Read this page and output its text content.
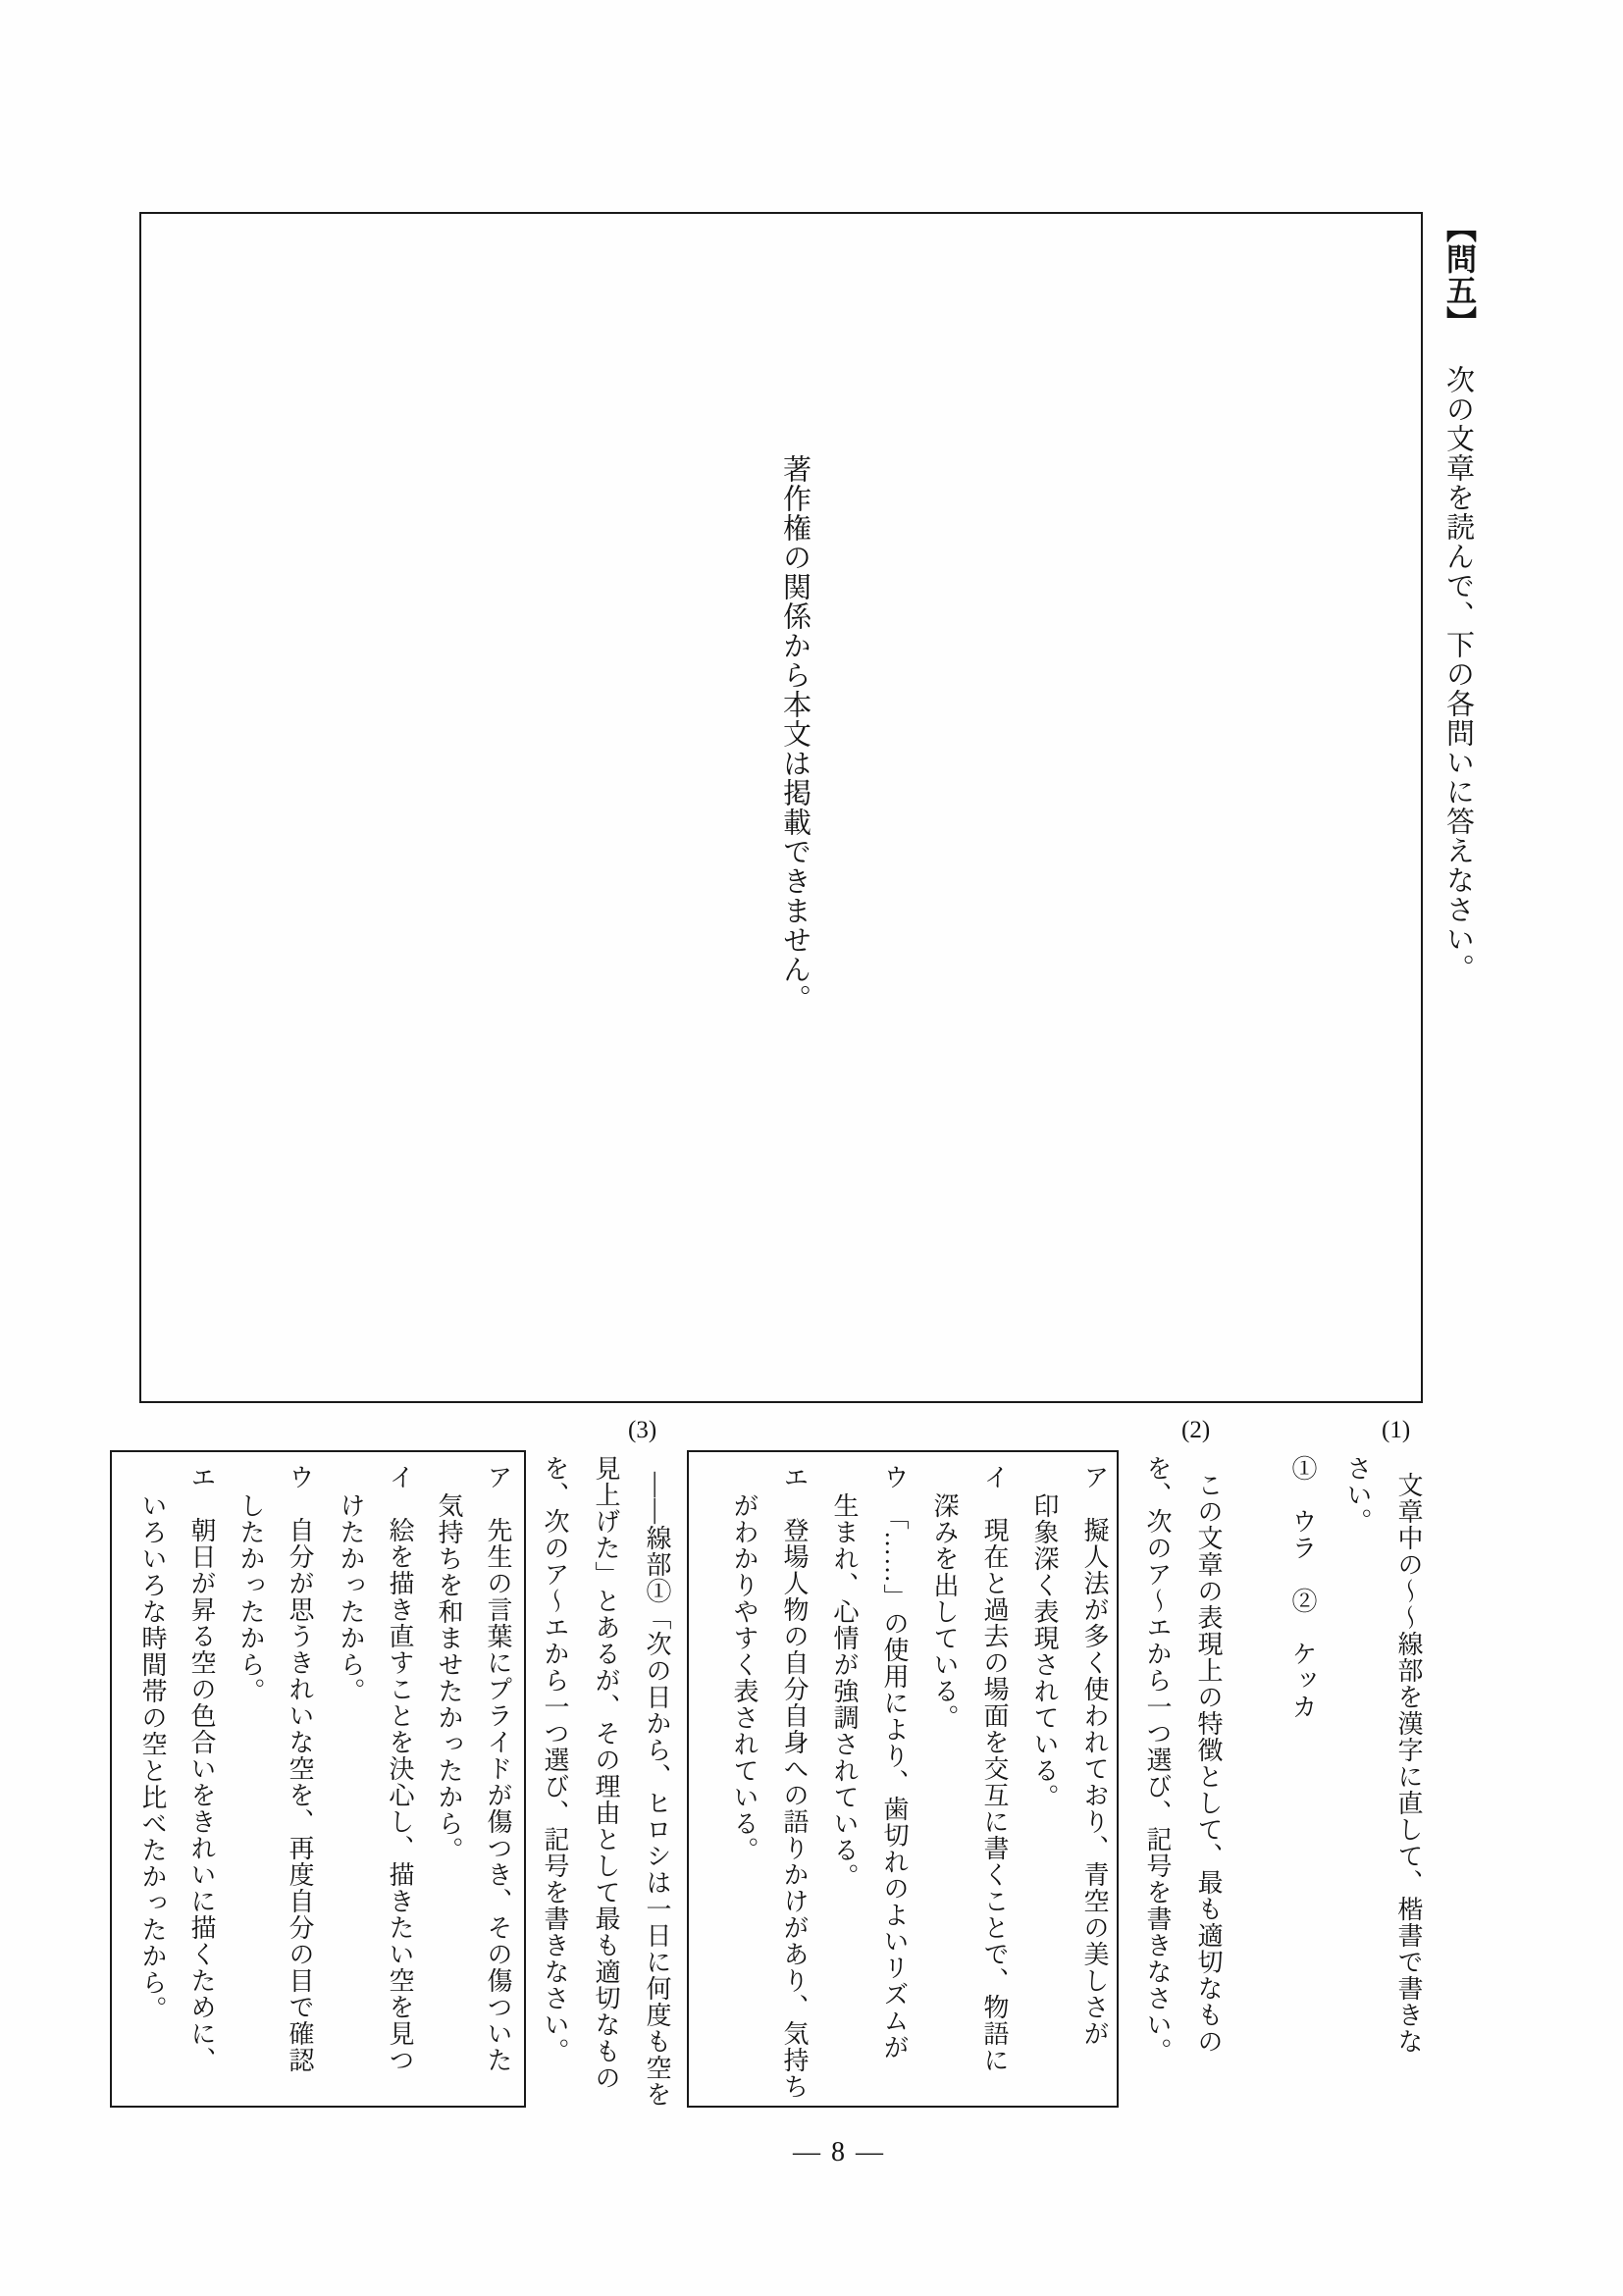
【問五】次の文章を読んで、下の各問いに答えなさい。
著作権の関係から本文は掲載できません。
(1)
文章中の～～線部を漢字に直して、楷書で書きな
さい。
①　ウラ　②　ケッカ
(2)
この文章の表現上の特徴として、最も適切なもの
を、次のア～エから一つ選び、記号を書きなさい。
ア　擬人法が多く使われており、青空の美しさが
印象深く表現されている。
イ　現在と過去の場面を交互に書くことで、物語に
深みを出している。
ウ　「……」の使用により、歯切れのよいリズムが
生まれ、心情が強調されている。
エ　登場人物の自分自身への語りかけがあり、気持ち
がわかりやすく表されている。
(3)
――線部①「次の日から、ヒロシは一日に何度も空を
見上げた」とあるが、その理由として最も適切なもの
を、次のア～エから一つ選び、記号を書きなさい。
ア　先生の言葉にプライドが傷つき、その傷ついた
気持ちを和ませたかったから。
イ　絵を描き直すことを決心し、描きたい空を見つ
けたかったから。
ウ　自分が思うきれいな空を、再度自分の目で確認
したかったから。
エ　朝日が昇る空の色合いをきれいに描くために、
いろいろな時間帯の空と比べたかったから。
― 8 ―
